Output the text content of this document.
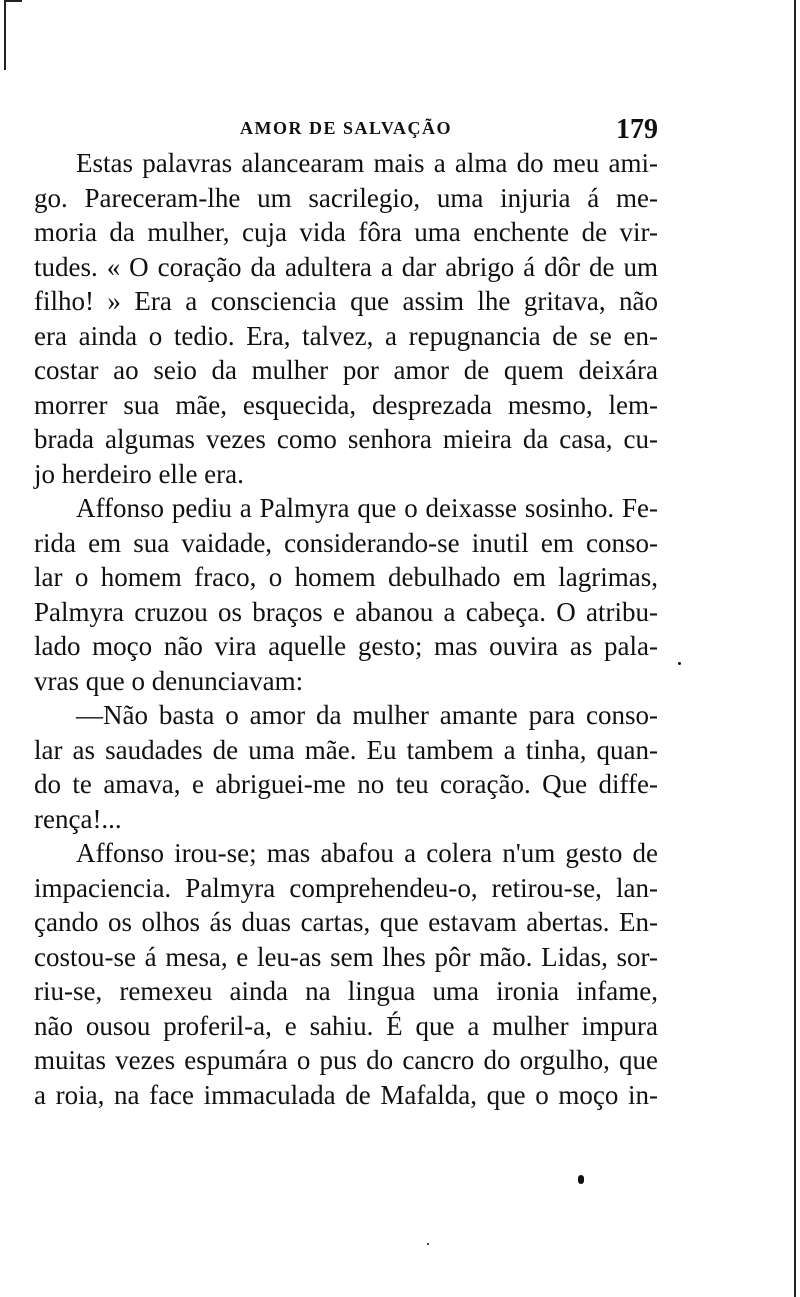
AMOR DE SALVAÇÃO	179
Estas palavras alancearam mais a alma do meu ami-
go. Pareceram-lhe um sacrilegio, uma injuria á me-
moria da mulher, cuja vida fôra uma enchente de vir-
tudes. « O coração da adultera a dar abrigo á dôr de um
filho! » Era a consciencia que assim lhe gritava, não
era ainda o tedio. Era, talvez, a repugnancia de se en-
costar ao seio da mulher por amor de quem deixára
morrer sua mãe, esquecida, desprezada mesmo, lem-
brada algumas vezes como senhora mieira da casa, cu-
jo herdeiro elle era.
Affonso pediu a Palmyra que o deixasse sosinho. Fe-
rida em sua vaidade, considerando-se inutil em conso-
lar o homem fraco, o homem debulhado em lagrimas,
Palmyra cruzou os braços e abanou a cabeça. O atribu-
lado moço não vira aquelle gesto; mas ouvira as pala-
vras que o denunciavam:
—Não basta o amor da mulher amante para conso-
lar as saudades de uma mãe. Eu tambem a tinha, quan-
do te amava, e abriguei-me no teu coração. Que diffe-
rença!...
Affonso irou-se; mas abafou a colera n'um gesto de
impaciencia. Palmyra comprehendeu-o, retirou-se, lan-
çando os olhos ás duas cartas, que estavam abertas. En-
costou-se á mesa, e leu-as sem lhes pôr mão. Lidas, sor-
riu-se, remexeu ainda na lingua uma ironia infame,
não ousou proferil-a, e sahiu. É que a mulher impura
muitas vezes espumára o pus do cancro do orgulho, que
a roia, na face immaculada de Mafalda, que o moço in-
